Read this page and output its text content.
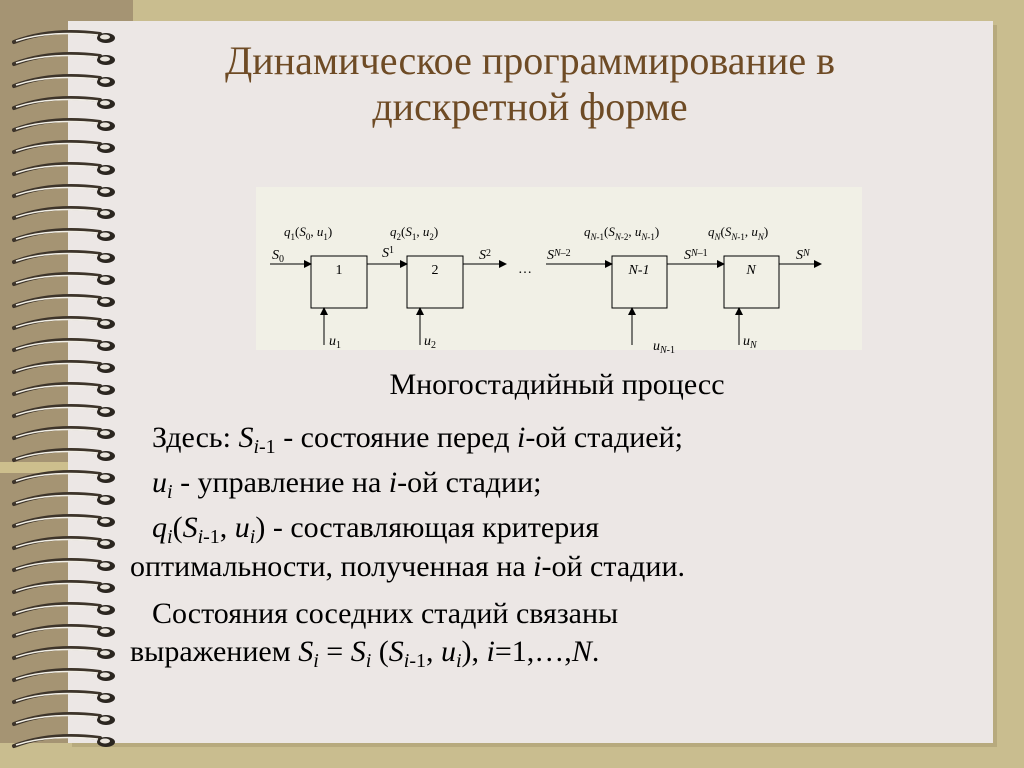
Динамическое программирование в
дискретной форме
1	2	N-1	N
$q_1(S_0$, $u_1$)	$q_2(S_1$, $u_2$)	$q_N-1(S_N-2$, $u_N-1$)	$q_N(S_N-1$, $u_N$)
$S_0$	$S^1$	$S^2$
…
$S^N-2$	$S^N-1$	$S^N$
$u_1$	$u_2$	$u_N-1$
$u_N$

Многостадийный процесс

Здесь: $S_{i-1}$ - состояние перед i-ой стадией;

$u_i$ - управление на i-ой стадии;

$q_i(S_{i-1}$, $u_i$) - составляющая критерия

оптимальности, полученная на i-ой стадии.

Состояния соседних стадий связаны

выражением $S_i = S_i$ ($S_{i-1}$, $u_i$), i=1,…,N.
